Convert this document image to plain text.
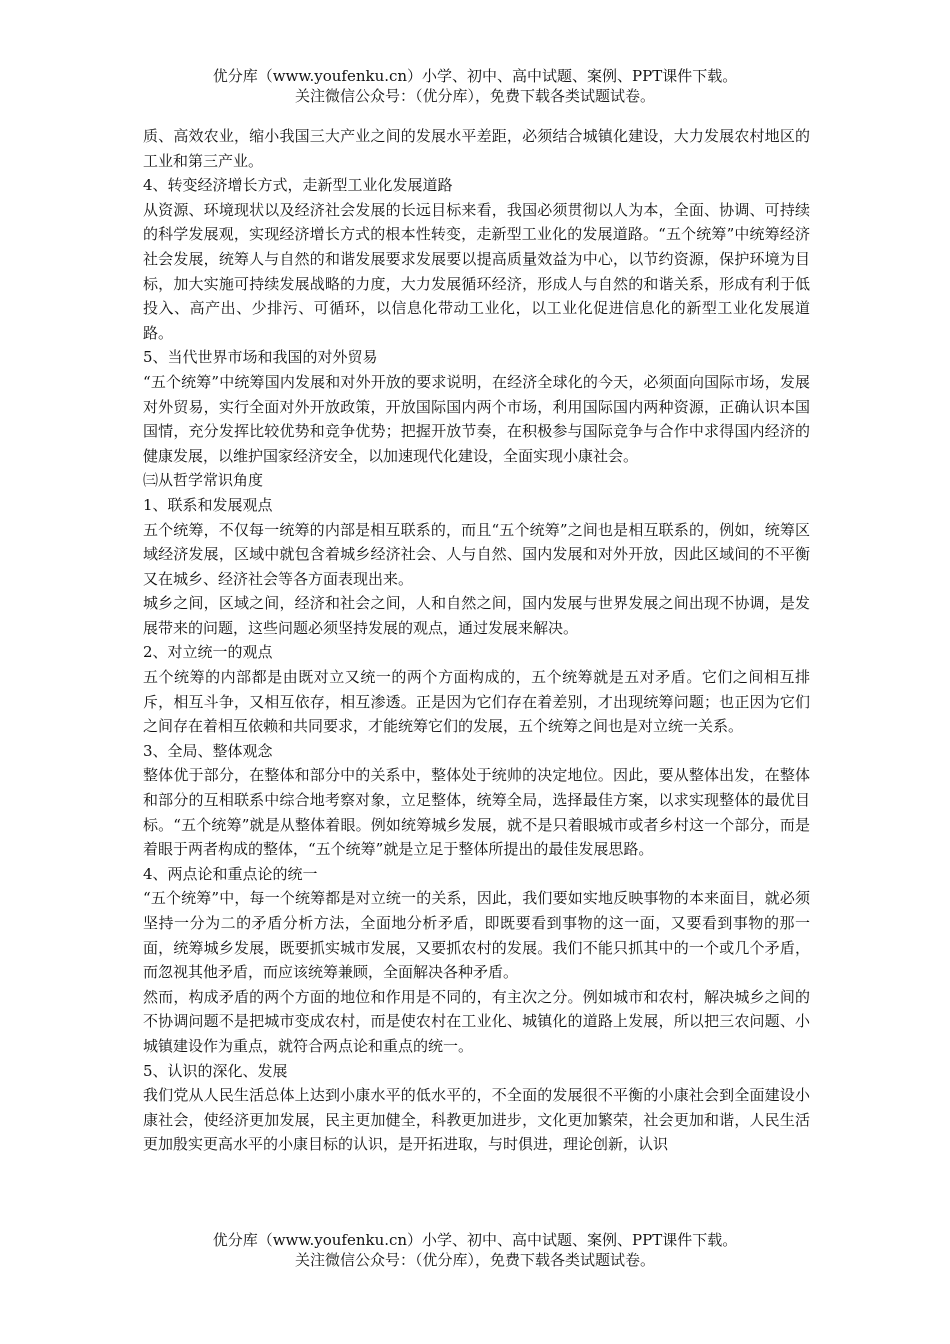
优分库（www.youfenku.cn）小学、初中、高中试题、案例、PPT课件下载。
关注微信公众号：（优分库），免费下载各类试题试卷。

质、高效农业，缩小我国三大产业之间的发展水平差距，必须结合城镇化建设，大力发展农村地区的工业和第三产业。

4、转变经济增长方式，走新型工业化发展道路

从资源、环境现状以及经济社会发展的长远目标来看，我国必须贯彻以人为本，全面、协调、可持续的科学发展观，实现经济增长方式的根本性转变，走新型工业化的发展道路。“五个统筹”中统筹经济社会发展，统筹人与自然的和谐发展要求发展要以提高质量效益为中心，以节约资源，保护环境为目标，加大实施可持续发展战略的力度，大力发展循环经济，形成人与自然的和谐关系，形成有利于低投入、高产出、少排污、可循环，以信息化带动工业化，以工业化促进信息化的新型工业化发展道路。

5、当代世界市场和我国的对外贸易

“五个统筹”中统筹国内发展和对外开放的要求说明，在经济全球化的今天，必须面向国际市场，发展对外贸易，实行全面对外开放政策，开放国际国内两个市场，利用国际国内两种资源，正确认识本国国情，充分发挥比较优势和竞争优势；把握开放节奏，在积极参与国际竞争与合作中求得国内经济的健康发展，以维护国家经济安全，以加速现代化建设，全面实现小康社会。

㈢从哲学常识角度

1、联系和发展观点

五个统筹，不仅每一统筹的内部是相互联系的，而且“五个统筹”之间也是相互联系的，例如，统筹区域经济发展，区域中就包含着城乡经济社会、人与自然、国内发展和对外开放，因此区域间的不平衡又在城乡、经济社会等各方面表现出来。

城乡之间，区域之间，经济和社会之间，人和自然之间，国内发展与世界发展之间出现不协调，是发展带来的问题，这些问题必须坚持发展的观点，通过发展来解决。

2、对立统一的观点

五个统筹的内部都是由既对立又统一的两个方面构成的，五个统筹就是五对矛盾。它们之间相互排斥，相互斗争，又相互依存，相互渗透。正是因为它们存在着差别，才出现统筹问题；也正因为它们之间存在着相互依赖和共同要求，才能统筹它们的发展，五个统筹之间也是对立统一关系。

3、全局、整体观念

整体优于部分，在整体和部分中的关系中，整体处于统帅的决定地位。因此，要从整体出发，在整体和部分的互相联系中综合地考察对象，立足整体，统筹全局，选择最佳方案，以求实现整体的最优目标。“五个统筹”就是从整体着眼。例如统筹城乡发展，就不是只着眼城市或者乡村这一个部分，而是着眼于两者构成的整体，“五个统筹”就是立足于整体所提出的最佳发展思路。

4、两点论和重点论的统一

“五个统筹”中，每一个统筹都是对立统一的关系，因此，我们要如实地反映事物的本来面目，就必须坚持一分为二的矛盾分析方法，全面地分析矛盾，即既要看到事物的这一面，又要看到事物的那一面，统筹城乡发展，既要抓实城市发展，又要抓农村的发展。我们不能只抓其中的一个或几个矛盾，而忽视其他矛盾，而应该统筹兼顾，全面解决各种矛盾。

然而，构成矛盾的两个方面的地位和作用是不同的，有主次之分。例如城市和农村，解决城乡之间的不协调问题不是把城市变成农村，而是使农村在工业化、城镇化的道路上发展，所以把三农问题、小城镇建设作为重点，就符合两点论和重点的统一。

5、认识的深化、发展

我们党从人民生活总体上达到小康水平的低水平的，不全面的发展很不平衡的小康社会到全面建设小康社会，使经济更加发展，民主更加健全，科教更加进步，文化更加繁荣，社会更加和谐，人民生活更加殷实更高水平的小康目标的认识，是开拓进取，与时俱进，理论创新，认识

优分库（www.youfenku.cn）小学、初中、高中试题、案例、PPT课件下载。
关注微信公众号：（优分库），免费下载各类试题试卷。
